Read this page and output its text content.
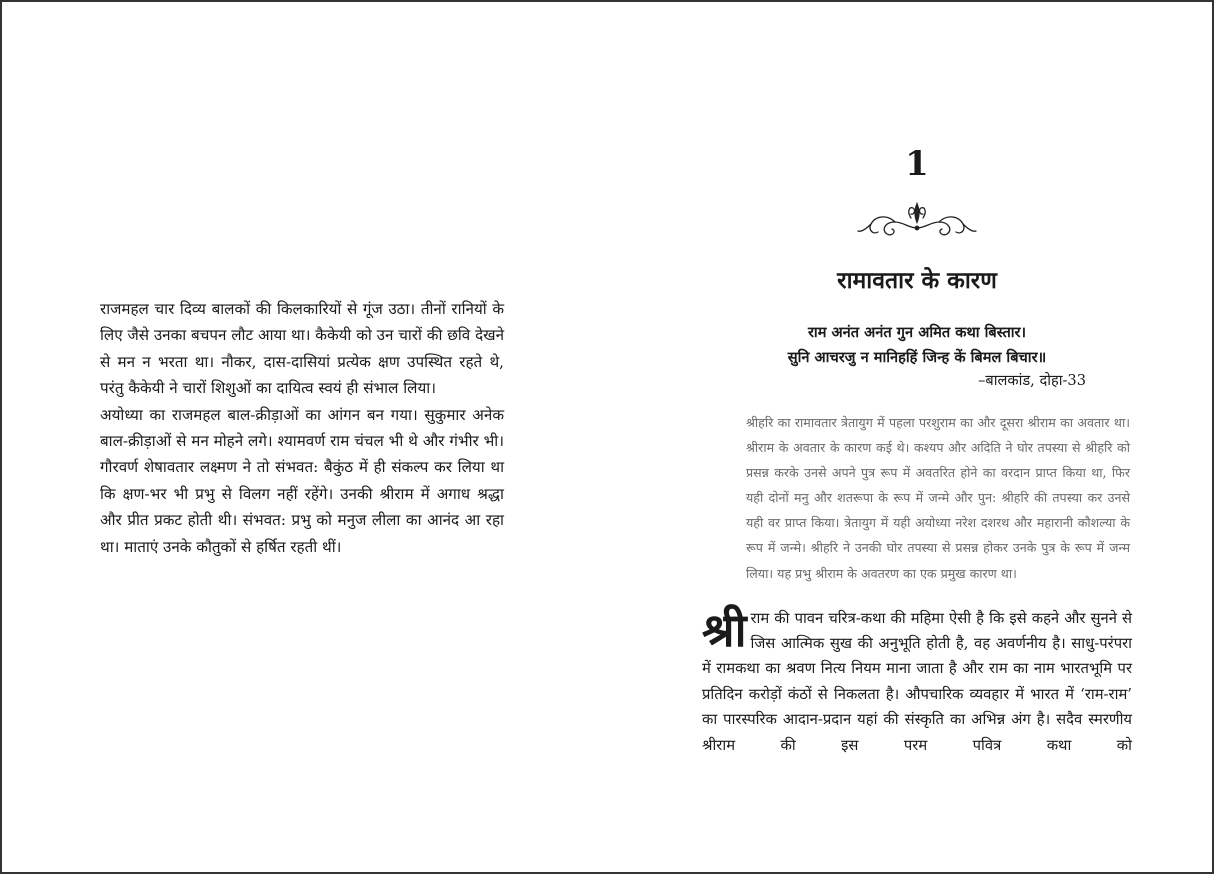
राजमहल चार दिव्य बालकों की किलकारियों से गूंज उठा। तीनों रानियों के लिए जैसे उनका बचपन लौट आया था। कैकेयी को उन चारों की छवि देखने से मन न भरता था। नौकर, दास-दासियां प्रत्येक क्षण उपस्थित रहते थे, परंतु कैकेयी ने चारों शिशुओं का दायित्व स्वयं ही संभाल लिया।

अयोध्या का राजमहल बाल-क्रीड़ाओं का आंगन बन गया। सुकुमार अनेक बाल-क्रीड़ाओं से मन मोहने लगे। श्यामवर्ण राम चंचल भी थे और गंभीर भी। गौरवर्ण शेषावतार लक्ष्मण ने तो संभवत: बैकुंठ में ही संकल्प कर लिया था कि क्षण-भर भी प्रभु से विलग नहीं रहेंगे। उनकी श्रीराम में अगाध श्रद्धा और प्रीत प्रकट होती थी। संभवत: प्रभु को मनुज लीला का आनंद आ रहा था। माताएं उनके कौतुकों से हर्षित रहती थीं।

1
रामावतार के कारण
राम अनंत अनंत गुन अमित कथा बिस्तार।
सुनि आचरजु न मानिहहिं जिन्ह कें बिमल बिचार॥
–बालकांड, दोहा-33

श्रीहरि का रामावतार त्रेतायुग में पहला परशुराम का और दूसरा श्रीराम का अवतार था। श्रीराम के अवतार के कारण कई थे। कश्यप और अदिति ने घोर तपस्या से श्रीहरि को प्रसन्न करके उनसे अपने पुत्र रूप में अवतरित होने का वरदान प्राप्त किया था, फिर यही दोनों मनु और शतरूपा के रूप में जन्मे और पुन: श्रीहरि की तपस्या कर उनसे यही वर प्राप्त किया। त्रेतायुग में यही अयोध्या नरेश दशरथ और महारानी कौशल्या के रूप में जन्मे। श्रीहरि ने उनकी घोर तपस्या से प्रसन्न होकर उनके पुत्र के रूप में जन्म लिया। यह प्रभु श्रीराम के अवतरण का एक प्रमुख कारण था।

श्री राम की पावन चरित्र-कथा की महिमा ऐसी है कि इसे कहने और सुनने से जिस आत्मिक सुख की अनुभूति होती है, वह अवर्णनीय है। साधु-परंपरा में रामकथा का श्रवण नित्य नियम माना जाता है और राम का नाम भारतभूमि पर प्रतिदिन करोड़ों कंठों से निकलता है। औपचारिक व्यवहार में भारत में ‘राम-राम’ का पारस्परिक आदान-प्रदान यहां की संस्कृति का अभिन्न अंग है। सदैव स्मरणीय श्रीराम की इस परम पवित्र कथा को
